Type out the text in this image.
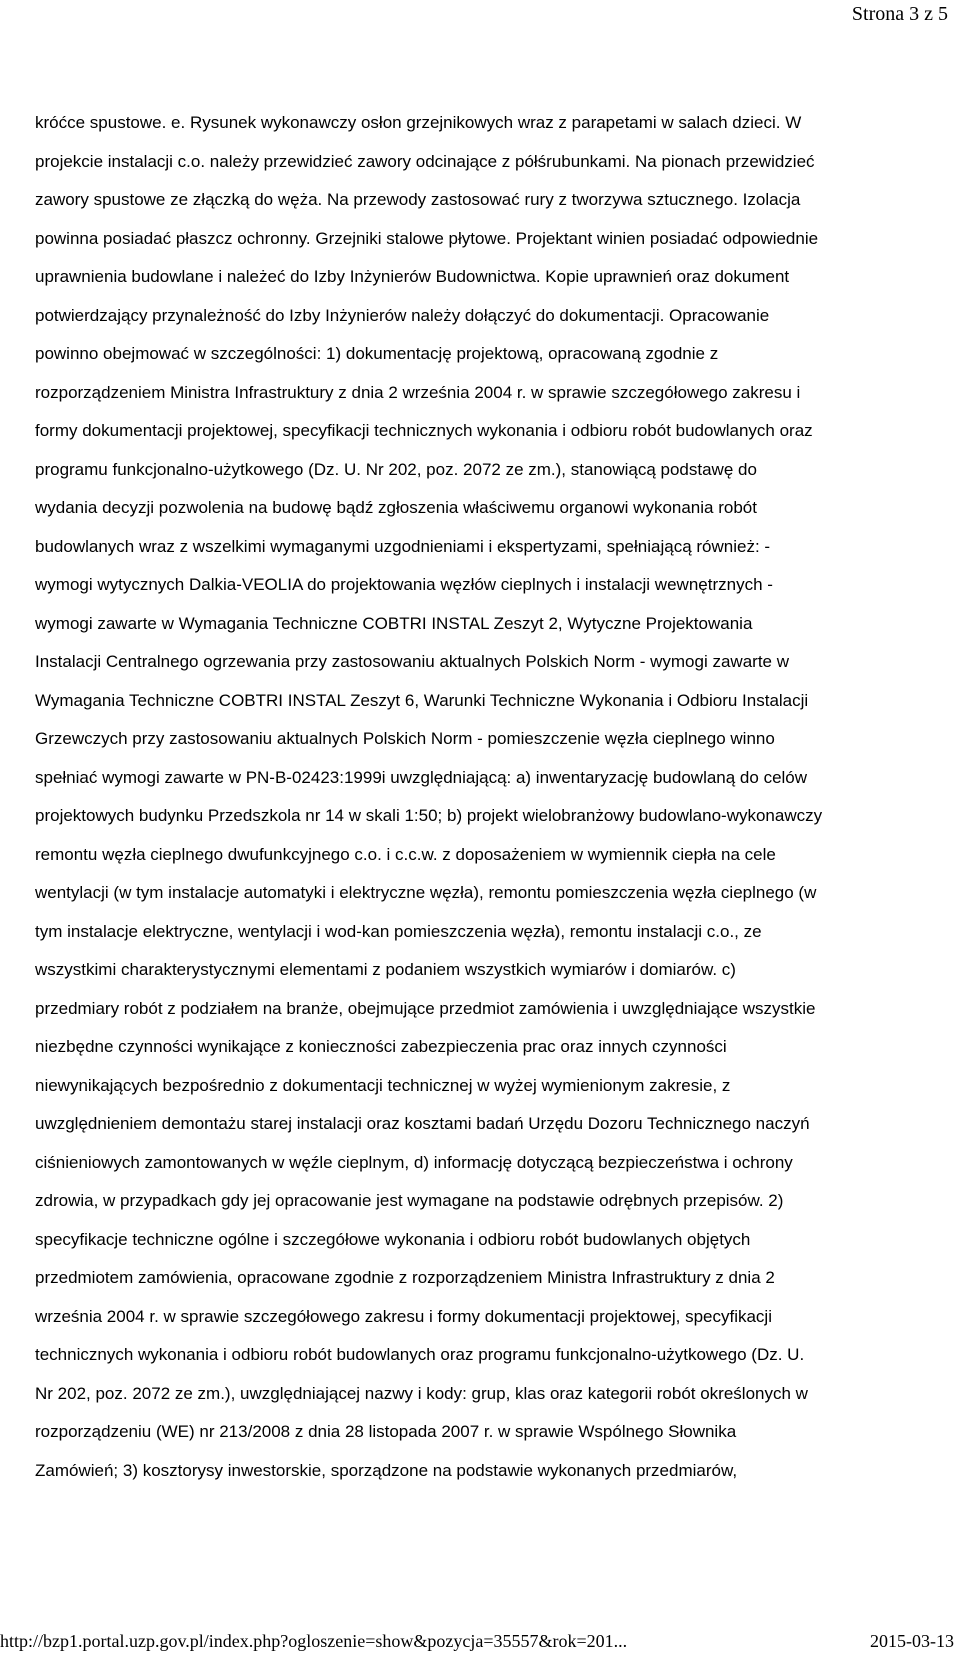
Strona 3 z 5
króćce spustowe. e. Rysunek wykonawczy osłon grzejnikowych wraz z parapetami w salach dzieci. W
projekcie instalacji c.o. należy przewidzieć zawory odcinające z półśrubunkami. Na pionach przewidzieć
zawory spustowe ze złączką do węża. Na przewody zastosować rury z tworzywa sztucznego. Izolacja
powinna posiadać płaszcz ochronny. Grzejniki stalowe płytowe. Projektant winien posiadać odpowiednie
uprawnienia budowlane i należeć do Izby Inżynierów Budownictwa. Kopie uprawnień oraz dokument
potwierdzający przynależność do Izby Inżynierów należy dołączyć do dokumentacji. Opracowanie
powinno obejmować w szczególności: 1) dokumentację projektową, opracowaną zgodnie z
rozporządzeniem Ministra Infrastruktury z dnia 2 września 2004 r. w sprawie szczegółowego zakresu i
formy dokumentacji projektowej, specyfikacji technicznych wykonania i odbioru robót budowlanych oraz
programu funkcjonalno-użytkowego (Dz. U. Nr 202, poz. 2072 ze zm.), stanowiącą podstawę do
wydania decyzji pozwolenia na budowę bądź zgłoszenia właściwemu organowi wykonania robót
budowlanych wraz z wszelkimi wymaganymi uzgodnieniami i ekspertyzami, spełniającą również: -
wymogi wytycznych Dalkia-VEOLIA do projektowania węzłów cieplnych i instalacji wewnętrznych -
wymogi zawarte w Wymagania Techniczne COBTRI INSTAL Zeszyt 2, Wytyczne Projektowania
Instalacji Centralnego ogrzewania przy zastosowaniu aktualnych Polskich Norm - wymogi zawarte w
Wymagania Techniczne COBTRI INSTAL Zeszyt 6, Warunki Techniczne Wykonania i Odbioru Instalacji
Grzewczych przy zastosowaniu aktualnych Polskich Norm - pomieszczenie węzła cieplnego winno
spełniać wymogi zawarte w PN-B-02423:1999i uwzględniającą: a) inwentaryzację budowlaną do celów
projektowych budynku Przedszkola nr 14 w skali 1:50; b) projekt wielobranżowy budowlano-wykonawczy
remontu węzła cieplnego dwufunkcyjnego c.o. i c.c.w. z doposażeniem w wymiennik ciepła na cele
wentylacji (w tym instalacje automatyki i elektryczne węzła), remontu pomieszczenia węzła cieplnego (w
tym instalacje elektryczne, wentylacji i wod-kan pomieszczenia węzła), remontu instalacji c.o., ze
wszystkimi charakterystycznymi elementami z podaniem wszystkich wymiarów i domiarów. c)
przedmiary robót z podziałem na branże, obejmujące przedmiot zamówienia i uwzględniające wszystkie
niezbędne czynności wynikające z konieczności zabezpieczenia prac oraz innych czynności
niewynikających bezpośrednio z dokumentacji technicznej w wyżej wymienionym zakresie, z
uwzględnieniem demontażu starej instalacji oraz kosztami badań Urzędu Dozoru Technicznego naczyń
ciśnieniowych zamontowanych w węźle cieplnym, d) informację dotyczącą bezpieczeństwa i ochrony
zdrowia, w przypadkach gdy jej opracowanie jest wymagane na podstawie odrębnych przepisów. 2)
specyfikacje techniczne ogólne i szczegółowe wykonania i odbioru robót budowlanych objętych
przedmiotem zamówienia, opracowane zgodnie z rozporządzeniem Ministra Infrastruktury z dnia 2
września 2004 r. w sprawie szczegółowego zakresu i formy dokumentacji projektowej, specyfikacji
technicznych wykonania i odbioru robót budowlanych oraz programu funkcjonalno-użytkowego (Dz. U.
Nr 202, poz. 2072 ze zm.), uwzględniającej nazwy i kody: grup, klas oraz kategorii robót określonych w
rozporządzeniu (WE) nr 213/2008 z dnia 28 listopada 2007 r. w sprawie Wspólnego Słownika
Zamówień; 3) kosztorysy inwestorskie, sporządzone na podstawie wykonanych przedmiarów,
http://bzp1.portal.uzp.gov.pl/index.php?ogloszenie=show&pozycja=35557&rok=201...	2015-03-13
